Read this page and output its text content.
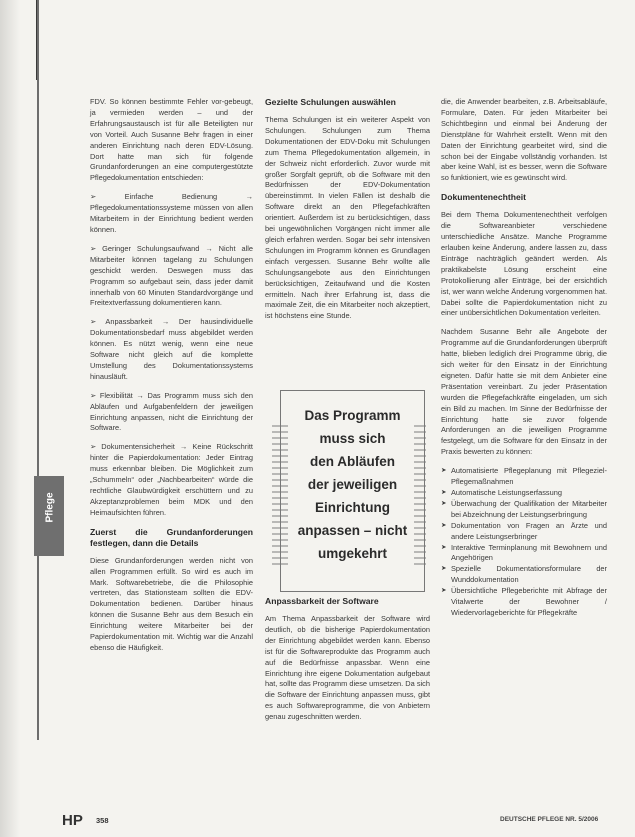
Pflege

FDV. So können bestimmte Fehler vor-gebeugt, ja vermieden werden – und der Erfahrungsaustausch ist für alle Beteiligten nur von Vorteil. Auch Susanne Behr fragen in einer anderen Einrichtung nach deren EDV-Lösung. Dort hatte man sich für folgende Grundanforderungen an eine computergestützte Pflegedokumentation entschieden:

➢ Einfache Bedienung → Pflegedokumentationssysteme müssen von allen Mitarbeitern in der Einrichtung bedient werden können.

➢ Geringer Schulungsaufwand → Nicht alle Mitarbeiter können tagelang zu Schulungen geschickt werden. Deswegen muss das Programm so aufgebaut sein, dass jeder damit innerhalb von 60 Minuten Standardvorgänge und Freitextverfassung dokumentieren kann.

➢ Anpassbarkeit → Der hausindividuelle Dokumentationsbedarf muss abgebildet werden können. Es nützt wenig, wenn eine neue Software nicht gleich auf die komplette Umstellung des Dokumentationssystems hinausläuft.

➢ Flexibilität → Das Programm muss sich den Abläufen und Aufgabenfeldern der jeweiligen Einrichtung anpassen, nicht die Einrichtung der Software.

➢ Dokumentensicherheit → Keine Rückschritt hinter die Papierdokumentation: Jeder Eintrag muss erkennbar bleiben. Die Möglichkeit zum „Schummeln“ oder „Nachbearbeiten“ würde die rechtliche Glaubwürdigkeit erschüttern und zu Akzeptanzproblemen beim MDK und den Heimaufsichten führen.

Zuerst die Grundanforderungen festlegen, dann die Details

Diese Grundanforderungen werden nicht von allen Programmen erfüllt. So wird es auch im Mark. Softwarebetriebe, die die Philosophie vertreten, das Stationsteam sollten die EDV-Dokumentation bedienen. Darüber hinaus können die Susanne Behr aus dem Besuch ein Einrichtung weitere Mitarbeiter bei der Papierdokumentation mit. Wichtig war die Anzahl ebenso die Häufigkeit.

Gezielte Schulungen auswählen

Thema Schulungen ist ein weiterer Aspekt von Schulungen. Schulungen zum Thema Dokumentationen der EDV-Doku mit Schulungen zum Thema Pflegedokumentation allgemein, in der Schweiz nicht erforderlich. Zuvor wurde mit großer Sorgfalt geprüft, ob die Software mit den Bedürfnissen der EDV-Dokumentation übereinstimmt. In vielen Fällen ist deshalb die Software direkt an den Pflegefachkräften orientiert. Außerdem ist zu berücksichtigen, dass bei ungewöhnlichen Vorgängen nicht immer alle gleich erfahren werden. Sogar bei sehr intensiven Schulungen im Programm können es Grundlagen einfach vergessen. Susanne Behr wollte alle Schulungsangebote aus den Einrichtungen berücksichtigen, Zeitaufwand und die Kosten ermitteln. Nach ihrer Erfahrung ist, dass die maximale Zeit, die ein Mitarbeiter noch akzeptiert, ist höchstens eine Stunde.

Das Programm
muss sich
den Abläufen
der jeweiligen
Einrichtung
anpassen – nicht
umgekehrt
Anpassbarkeit der Software

Am Thema Anpassbarkeit der Software wird deutlich, ob die bisherige Papierdokumentation der Einrichtung abgebildet werden kann. Ebenso ist für die Softwareprodukte das Programm auch auf die Bedürfnisse anpassbar. Wenn eine Einrichtung ihre eigene Dokumentation aufgebaut hat, sollte das Programm diese umsetzen. Da sich die Software der Einrichtung anpassen muss, gibt es auch Softwareprogramme, die von Anbietern genau zugeschnitten werden.

die, die Anwender bearbeiten, z.B. Arbeitsabläufe, Formulare, Daten. Für jeden Mitarbeiter bei Schichtbeginn und einmal bei Änderung der Dienstpläne für Wahrheit erstellt. Wenn mit den Daten der Einrichtung gearbeitet wird, sind die schon bei der Eingabe vollständig vorhanden. Ist aber keine Wahl, ist es besser, wenn die Software so funktioniert, wie es gewünscht wird.

Dokumentenechtheit

Bei dem Thema Dokumentenechtheit verfolgen die Softwareanbieter verschiedene unterschiedliche Ansätze. Manche Programme erlauben keine Änderung, andere lassen zu, dass Einträge nachträglich geändert werden. Als praktikabelste Lösung erscheint eine Protokollierung aller Einträge, bei der ersichtlich ist, wer wann welche Änderung vorgenommen hat. Dabei sollte die Papierdokumentation nicht zu einer unübersichtlichen Dokumentation verleiten.

Nachdem Susanne Behr alle Angebote der Programme auf die Grundanforderungen überprüft hatte, blieben lediglich drei Programme übrig, die sich weiter für den Einsatz in der Einrichtung eigneten. Dafür hatte sie mit dem Anbieter eine Präsentation vereinbart. Zu jeder Präsentation wurden die Pflegefachkräfte eingeladen, um sich ein Bild zu machen. Im Sinne der Bedürfnisse der Einrichtung hatte sie zuvor folgende Anforderungen an die jeweiligen Programme festgelegt, um die Software für den Einsatz in der Praxis bewerten zu können:

➤ Automatisierte Pflegeplanung mit Pflegeziel-Pflegemaßnahmen
➤ Automatische Leistungserfassung
➤ Überwachung der Qualifikation der Mitarbeiter bei Abzeichnung der Leistungserbringung
➤ Dokumentation von Fragen an Ärzte und andere Leistungserbringer
➤ Interaktive Terminplanung mit Bewohnern und Angehörigen
➤ Spezielle Dokumentationsformulare der Wunddokumentation
➤ Übersichtliche Pflegeberichte mit Abfrage der Vitalwerte der Bewohner / Wiedervorlageberichte für Pflegekräfte
HP 358	DEUTSCHE PFLEGE NR. 5/2006
